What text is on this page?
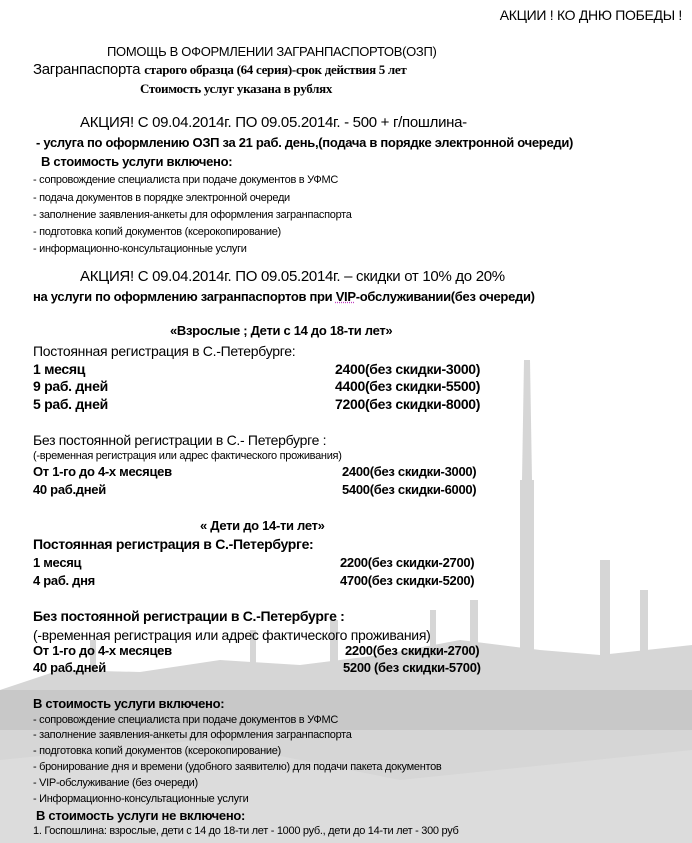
АКЦИИ ! КО ДНЮ ПОБЕДЫ !
ПОМОЩЬ В ОФОРМЛЕНИИ ЗАГРАНПАСПОРТОВ(ОЗП)
Загранпаспорта старого образца (64 серия)-срок действия 5 лет
Стоимость услуг указана в рублях
АКЦИЯ! С 09.04.2014г. ПО 09.05.2014г. - 500 + г/пошлина-
- услуга по оформлению ОЗП за 21 раб. день,(подача в порядке электронной очереди)
В стоимость услуги включено:
- сопровождение специалиста при подаче документов в УФМС
- подача документов в порядке электронной очереди
- заполнение заявления-анкеты для оформления загранпаспорта
- подготовка копий документов (ксерокопирование)
- информационно-консультационные услуги
АКЦИЯ! С 09.04.2014г. ПО 09.05.2014г. – скидки от 10% до 20%
на услуги по оформлению загранпаспортов при VIP-обслуживании(без очереди)
«Взрослые ; Дети с 14 до 18-ти лет»
Постоянная регистрация в С.-Петербурге:
1 месяц	2400(без скидки-3000)
9 раб. дней	4400(без скидки-5500)
5 раб. дней	7200(без скидки-8000)
Без постоянной регистрации в С.- Петербурге :
(-временная регистрация или адрес фактического проживания)
От 1-го до 4-х месяцев	2400(без скидки-3000)
40 раб.дней	5400(без скидки-6000)
« Дети до 14-ти лет»
Постоянная регистрация в С.-Петербурге:
1 месяц	2200(без скидки-2700)
4 раб. дня	4700(без скидки-5200)
Без постоянной регистрации в С.-Петербурге :
(-временная регистрация или адрес фактического проживания)
От 1-го до 4-х месяцев	2200(без скидки-2700)
40 раб.дней	5200 (без скидки-5700)
В стоимость услуги включено:
- сопровождение специалиста при подаче документов в УФМС
- заполнение заявления-анкеты для оформления загранпаспорта
- подготовка копий документов (ксерокопирование)
- бронирование дня и времени (удобного заявителю) для подачи пакета документов
- VIP-обслуживание (без очереди)
- Информационно-консультационные услуги
В стоимость услуги не включено:
1. Госпошлина: взрослые, дети с 14 до 18-ти лет - 1000 руб., дети до 14-ти лет - 300 руб
